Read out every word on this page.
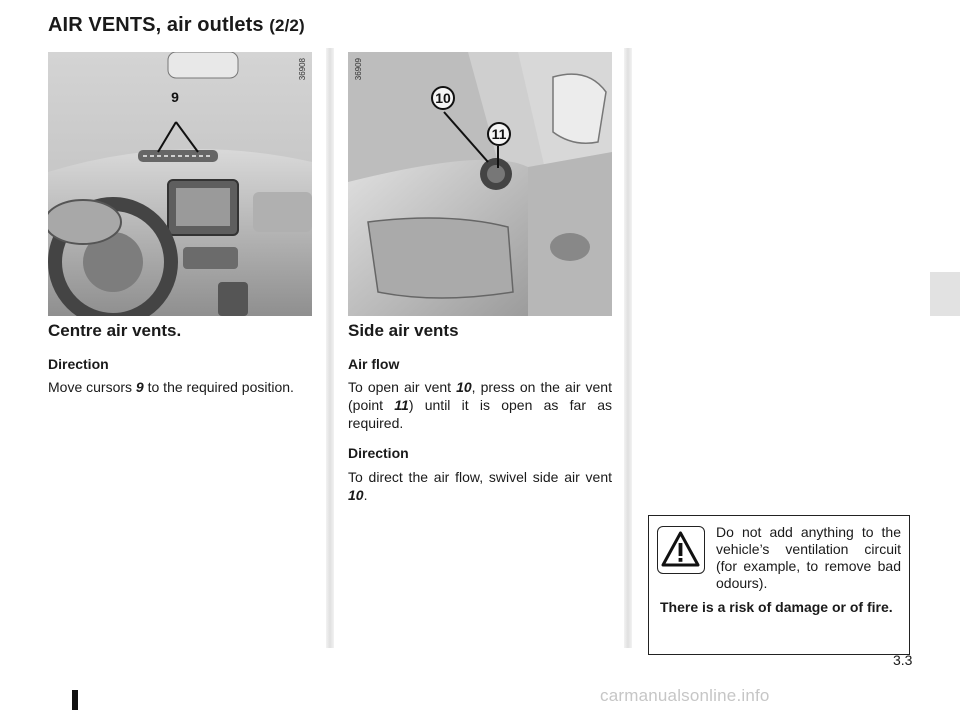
AIR VENTS, air outlets (2/2)
36908
9
36909
10
11
Centre air vents.
Direction

Move cursors 9 to the required position.

Side air vents
Air flow

To open air vent 10, press on the air vent (point 11) until it is open as far as required.

Direction

To direct the air flow, swivel side air vent 10.

Do not add anything to the vehicle’s ventilation circuit (for example, to remove bad odours).

There is a risk of damage or of fire.

3.3
carmanualsonline.info
